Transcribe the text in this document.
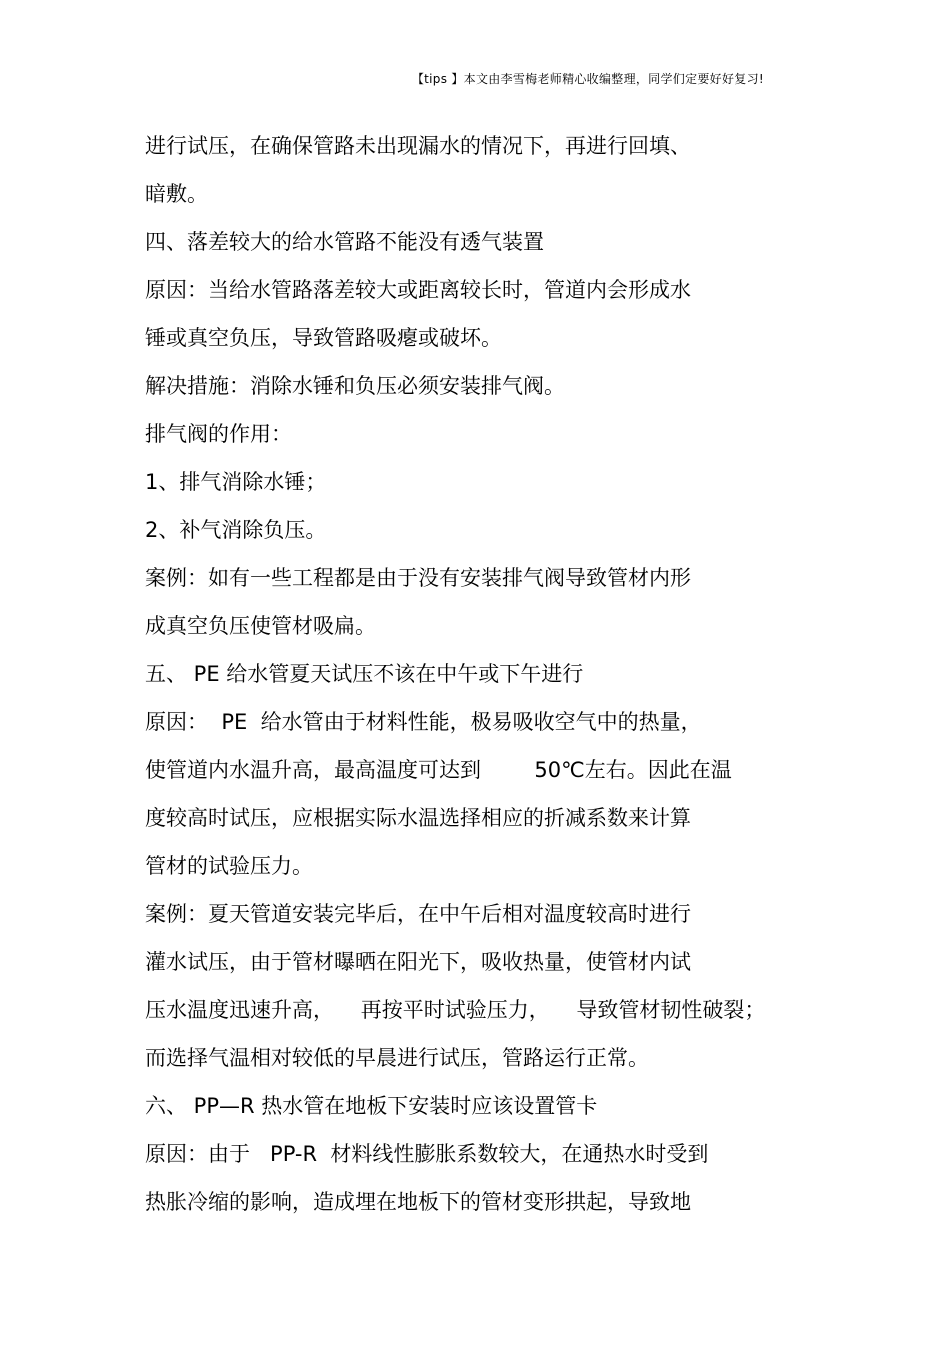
【tips 】本文由李雪梅老师精心收编整理，同学们定要好好复习!
进行试压，在确保管路未出现漏水的情况下，再进行回填、
暗敷。
四、落差较大的给水管路不能没有透气装置
原因：当给水管路落差较大或距离较长时，管道内会形成水
锤或真空负压，导致管路吸瘪或破坏。
解决措施：消除水锤和负压必须安装排气阀。
排气阀的作用：
1、排气消除水锤；
2、补气消除负压。
案例：如有一些工程都是由于没有安装排气阀导致管材内形
成真空负压使管材吸扁。
五、 PE 给水管夏天试压不该在中午或下午进行
原因：  PE  给水管由于材料性能，极易吸收空气中的热量，
使管道内水温升高，最高温度可达到        50℃左右。因此在温
度较高时试压，应根据实际水温选择相应的折减系数来计算
管材的试验压力。
案例：夏天管道安装完毕后，在中午后相对温度较高时进行
灌水试压，由于管材曝晒在阳光下，吸收热量，使管材内试
压水温度迅速升高，    再按平时试验压力，    导致管材韧性破裂；
而选择气温相对较低的早晨进行试压，管路运行正常。
六、 PP—R 热水管在地板下安装时应该设置管卡
原因：由于   PP-R  材料线性膨胀系数较大，在通热水时受到
热胀冷缩的影响，造成埋在地板下的管材变形拱起，导致地
